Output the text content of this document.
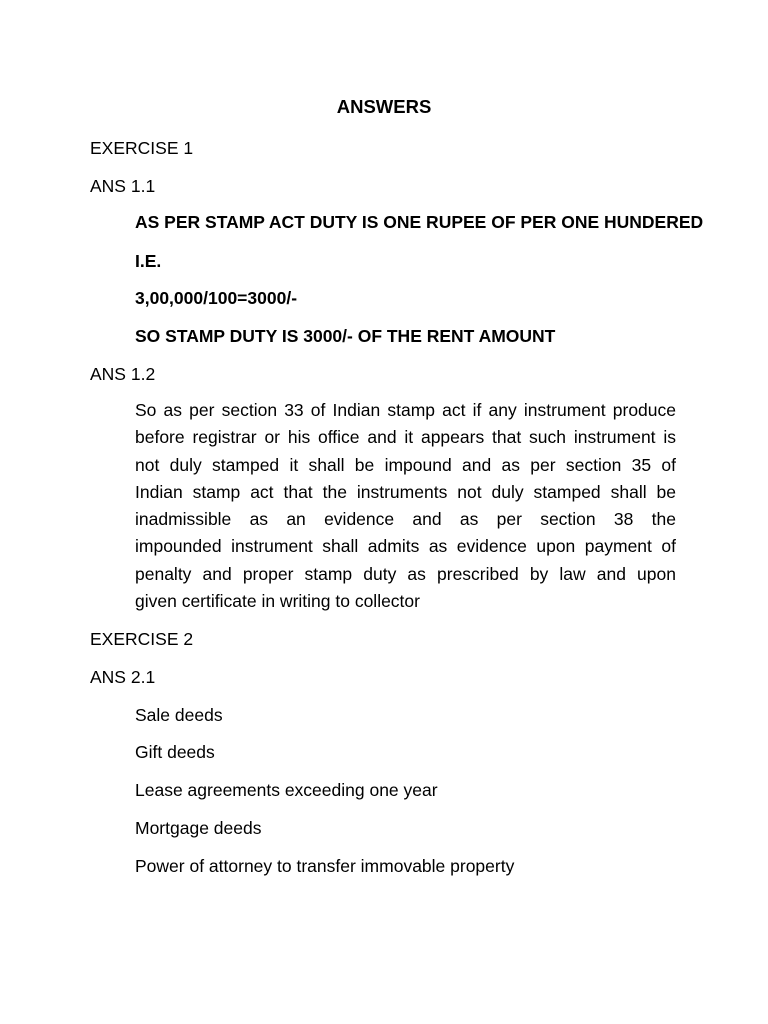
ANSWERS
EXERCISE 1
ANS 1.1
AS PER STAMP ACT DUTY IS ONE RUPEE OF PER ONE HUNDERED
I.E.
3,00,000/100=3000/-
SO STAMP DUTY IS 3000/- OF THE RENT AMOUNT
ANS 1.2
So as per section 33 of Indian stamp act if any instrument produce
before registrar or his office and it appears that such instrument is
not duly stamped it shall be impound and as per section 35 of
Indian stamp act that the instruments not duly stamped shall be
inadmissible as an evidence and as per section 38 the
impounded instrument shall admits as evidence upon payment of
penalty and proper stamp duty as prescribed by law and upon
given certificate in writing to collector
EXERCISE 2
ANS 2.1
Sale deeds
Gift deeds
Lease agreements exceeding one year
Mortgage deeds
Power of attorney to transfer immovable property
